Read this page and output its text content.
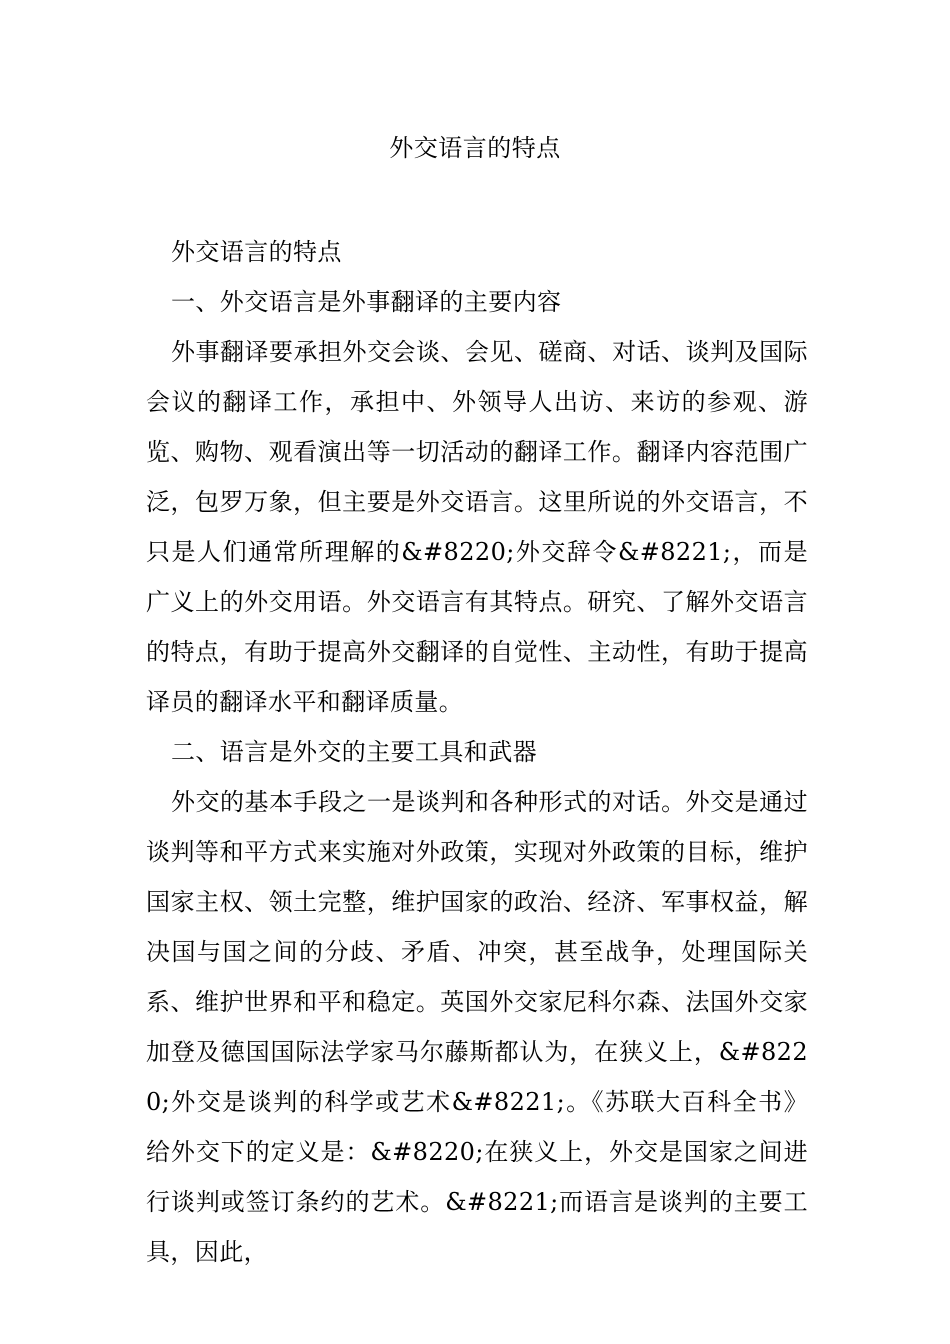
外交语言的特点

外交语言的特点

一、外交语言是外事翻译的主要内容

外事翻译要承担外交会谈、会见、磋商、对话、谈判及国际会议的翻译工作，承担中、外领导人出访、来访的参观、游览、购物、观看演出等一切活动的翻译工作。翻译内容范围广泛，包罗万象，但主要是外交语言。这里所说的外交语言，不只是人们通常所理解的&#8220;外交辞令&#8221;，而是广义上的外交用语。外交语言有其特点。研究、了解外交语言的特点，有助于提高外交翻译的自觉性、主动性，有助于提高译员的翻译水平和翻译质量。

二、语言是外交的主要工具和武器

外交的基本手段之一是谈判和各种形式的对话。外交是通过谈判等和平方式来实施对外政策，实现对外政策的目标，维护国家主权、领土完整，维护国家的政治、经济、军事权益，解决国与国之间的分歧、矛盾、冲突，甚至战争，处理国际关系、维护世界和平和稳定。英国外交家尼科尔森、法国外交家加登及德国国际法学家马尔藤斯都认为，在狭义上，&#8220;外交是谈判的科学或艺术&#8221;。《苏联大百科全书》给外交下的定义是：&#8220;在狭义上，外交是国家之间进行谈判或签订条约的艺术。&#8221;而语言是谈判的主要工具，因此，
